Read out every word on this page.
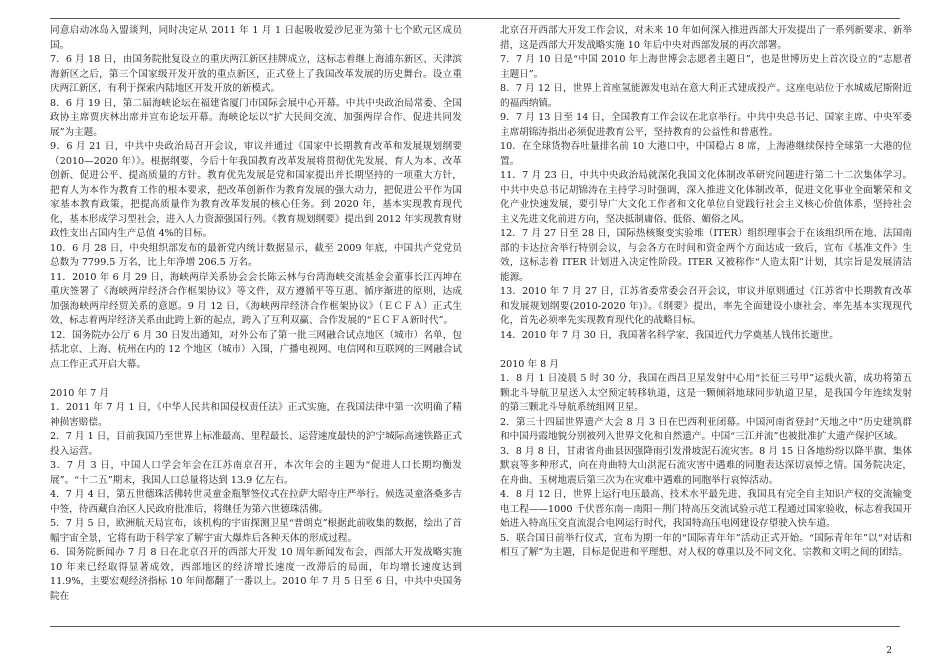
同意启动冰岛入盟谈判，同时决定从 2011 年 1 月 1 日起吸收爱沙尼亚为第十七个欧元区成员国。

7．6 月 18 日，由国务院批复设立的重庆两江新区挂牌成立，这标志着继上海浦东新区、天津滨海新区之后，第三个国家级开发开放的重点新区，正式登上了我国改革发展的历史舞台。设立重庆两江新区，有利于探索内陆地区开发开放的新模式。

8．6 月 19 日，第二届海峡论坛在福建省厦门市国际会展中心开幕。中共中央政治局常委、全国政协主席贾庆林出席并宣布论坛开幕。海峡论坛以“扩大民间交流、加强两岸合作、促进共同发展”为主题。

9．6 月 21 日，中共中央政治局召开会议，审议并通过《国家中长期教育改革和发展规划纲要（2010—2020 年）》。根据纲要，今后十年我国教育改革发展将贯彻优先发展、育人为本、改革创新、促进公平、提高质量的方针。教育优先发展是党和国家提出并长期坚持的一项重大方针，把育人为本作为教育工作的根本要求，把改革创新作为教育发展的强大动力，把促进公平作为国家基本教育政策，把提高质量作为教育改革发展的核心任务。到 2020 年，基本实现教育现代化，基本形成学习型社会，进入人力资源强国行列。《教育规划纲要》提出到 2012 年实现教育财政性支出占国内生产总值 4%的目标。

10．6 月 28 日，中央组织部发布的最新党内统计数据显示，截至 2009 年底，中国共产党党员总数为 7799.5 万名，比上年净增 206.5 万名。

11．2010 年 6 月 29 日，海峡两岸关系协会会长陈云林与台湾海峡交流基金会董事长江丙坤在重庆签署了《海峡两岸经济合作框架协议》等文件，双方遵循平等互惠、循序渐进的原则，达成加强海峡两岸经贸关系的意愿。9 月 12 日，《海峡两岸经济合作框架协议》（ＥＣＦＡ）正式生效，标志着两岸经济关系由此跨上新的起点，跨入了互利双赢、合作发展的“ＥＣＦＡ新时代”。

12．国务院办公厅 6 月 30 日发出通知，对外公布了第一批三网融合试点地区（城市）名单，包括北京、上海、杭州在内的 12 个地区（城市）入围，广播电视网、电信网和互联网的三网融合试点工作正式开启大幕。

2010 年 7 月

1．2011 年 7 月 1 日，《中华人民共和国侵权责任法》正式实施，在我国法律中第一次明确了精神损害赔偿。

2．7 月 1 日，目前我国乃至世界上标准最高、里程最长、运营速度最快的沪宁城际高速铁路正式投入运营。

3．7 月 3 日，中国人口学会年会在江苏南京召开，本次年会的主题为“促进人口长期均衡发展”。“十二五”期末，我国人口总量将达到 13.9 亿左右。

4．7 月 4 日，第五世德珠活佛转世灵童金瓶掣签仪式在拉萨大昭寺庄严举行。候选灵童洛桑多吉中签，待西藏自治区人民政府批准后，将继任为第六世德珠活佛。

5．7 月 5 日，欧洲航天局宣布，该机构的宇宙探测卫星“普朗克”根据此前收集的数据，绘出了首幅宇宙全景，它将有助于科学家了解宇宙大爆炸后各种天体的形成过程。

6．国务院新闻办 7 月 8 日在北京召开的西部大开发 10 周年新闻发布会，西部大开发战略实施 10 年来已经取得显著成效，西部地区的经济增长速度一改滞后的局面，年均增长速度达到 11.9%，主要宏观经济指标 10 年间都翻了一番以上。2010 年 7 月 5 日至 6 日，中共中央国务院在

北京召开西部大开发工作会议，对未来 10 年如何深入推进西部大开发提出了一系列新要求、新举措，这是西部大开发战略实施 10 年后中央对西部发展的再次部署。

7．7 月 10 日是“中国 2010 年上海世博会志愿者主题日”，也是世博历史上首次设立的“志愿者主题日”。

8．7 月 12 日，世界上首座氢能源发电站在意大利正式建成投产。这座电站位于水城威尼斯附近的福西纳镇。

9．7 月 13 日至 14 日，全国教育工作会议在北京举行。中共中央总书记、国家主席、中央军委主席胡锦涛指出必须促进教育公平，坚持教育的公益性和普惠性。

10．在全球货物吞吐量排名前 10 大港口中，中国稳占 8 席，上海港继续保持全球第一大港的位置。

11．7 月 23 日，中共中央政治局就深化我国文化体制改革研究问题进行第二十二次集体学习。中共中央总书记胡锦涛在主持学习时强调，深入推进文化体制改革，促进文化事业全面繁荣和文化产业快速发展，要引导广大文化工作者和文化单位自觉践行社会主义核心价值体系，坚持社会主义先进文化前进方向，坚决抵制庸俗、低俗、媚俗之风。

12．7 月 27 日至 28 日，国际热核聚变实验堆（ITER）组织理事会于在该组织所在地、法国南部的卡达拉舍举行特别会议，与会各方在时间和资金两个方面达成一致后，宣布《基准文件》生效，这标志着 ITER 计划进入决定性阶段。ITER 又被称作“人造太阳”计划，其宗旨是发展清洁能源。

13．2010 年 7 月 27 日，江苏省委常委会召开会议，审议并原则通过《江苏省中长期教育改革和发展规划纲要(2010-2020 年)》。《纲要》提出，率先全面建设小康社会、率先基本实现现代化，首先必须率先实现教育现代化的战略目标。

14．2010 年 7 月 30 日，我国著名科学家、我国近代力学奠基人钱伟长逝世。

2010 年 8 月

1．8 月 1 日凌晨 5 时 30 分，我国在西昌卫星发射中心用“长征三号甲”运载火箭，成功将第五颗北斗导航卫星送入太空预定转移轨道，这是一颗倾斜地球同步轨道卫星，是我国今年连续发射的第三颗北斗导航系统组网卫星。

2．第三十四届世界遗产大会 8 月 3 日在巴西利亚闭幕。中国河南省登封“天地之中”历史建筑群和中国丹霞地貌分别被列入世界文化和自然遗产。中国“三江并流”也被批准扩大遗产保护区域。

3．8 月 8 日，甘肃省舟曲县因强降雨引发滑坡泥石流灾害。8 月 15 日各地纷纷以降半旗、集体默哀等多种形式，向在舟曲特大山洪泥石流灾害中遇难的同胞表达深切哀悼之情。国务院决定，在舟曲、玉树地震后第三次为在灾难中遇难的同胞举行哀悼活动。

4．8 月 12 日，世界上运行电压最高、技术水平最先进、我国具有完全自主知识产权的交流输变电工程——1000 千伏晋东南－南阳－荆门特高压交流试验示范工程通过国家验收，标志着我国开始进入特高压交直流混合电网运行时代，我国特高压电网建设存望驶入快车道。

5．联合国日前举行仪式，宣布为期一年的“国际青年年”活动正式开始。“国际青年年”以“对话和相互了解”为主题，目标是促进和平理想、对人权的尊重以及不同文化、宗教和文明之间的团结。

2
